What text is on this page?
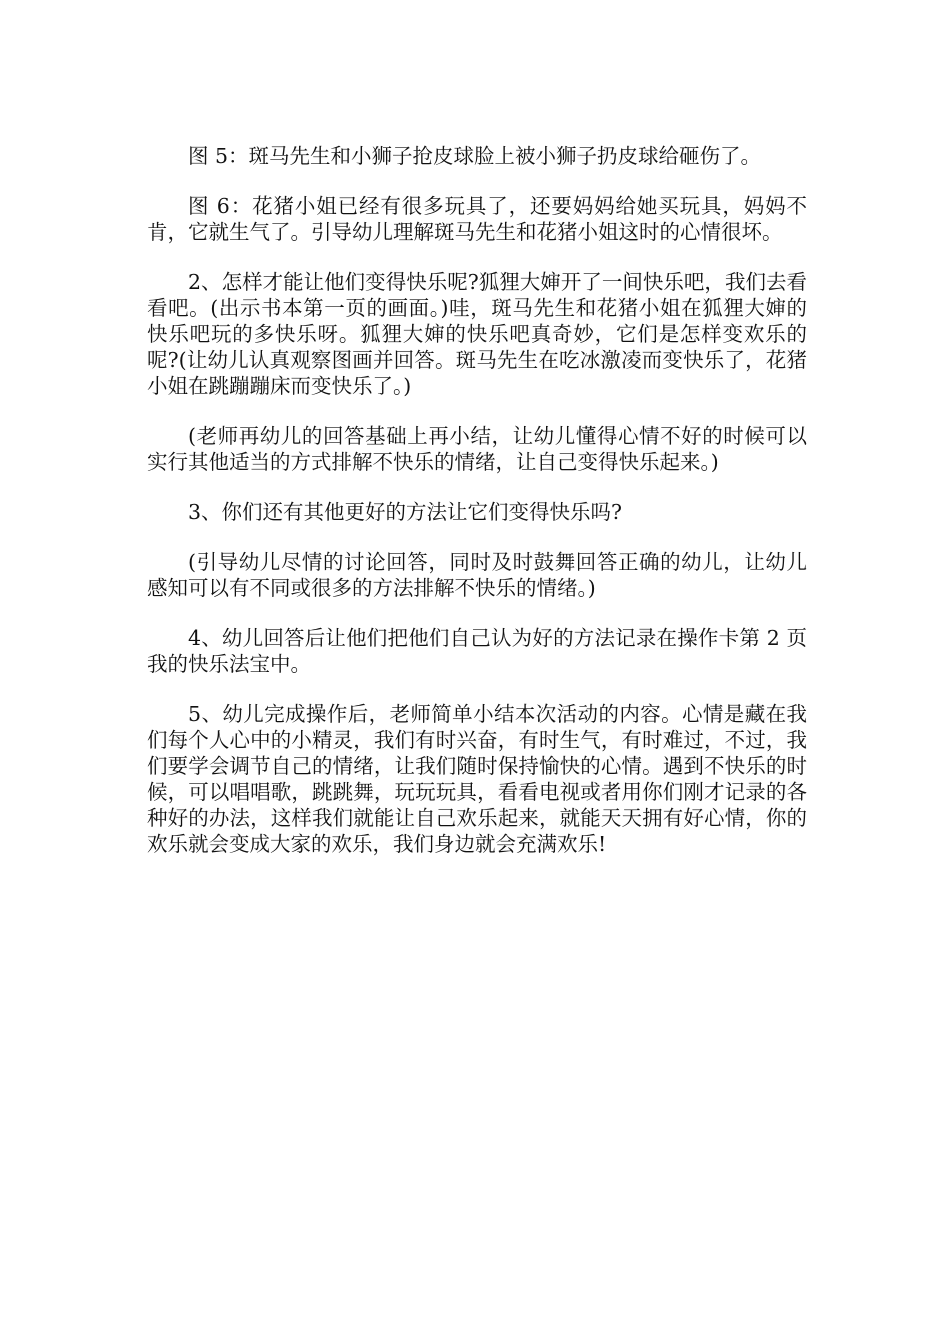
图 5：斑马先生和小狮子抢皮球脸上被小狮子扔皮球给砸伤了。

图 6：花猪小姐已经有很多玩具了，还要妈妈给她买玩具，妈妈不肯，它就生气了。引导幼儿理解斑马先生和花猪小姐这时的心情很坏。

2、怎样才能让他们变得快乐呢?狐狸大婶开了一间快乐吧，我们去看看吧。(出示书本第一页的画面。)哇，斑马先生和花猪小姐在狐狸大婶的快乐吧玩的多快乐呀。狐狸大婶的快乐吧真奇妙，它们是怎样变欢乐的呢?(让幼儿认真观察图画并回答。斑马先生在吃冰激凌而变快乐了，花猪小姐在跳蹦蹦床而变快乐了。)

(老师再幼儿的回答基础上再小结，让幼儿懂得心情不好的时候可以实行其他适当的方式排解不快乐的情绪，让自己变得快乐起来。)

3、你们还有其他更好的方法让它们变得快乐吗?

(引导幼儿尽情的讨论回答，同时及时鼓舞回答正确的幼儿，让幼儿感知可以有不同或很多的方法排解不快乐的情绪。)

4、幼儿回答后让他们把他们自己认为好的方法记录在操作卡第 2 页我的快乐法宝中。

5、幼儿完成操作后，老师简单小结本次活动的内容。心情是藏在我们每个人心中的小精灵，我们有时兴奋，有时生气，有时难过，不过，我们要学会调节自己的情绪，让我们随时保持愉快的心情。遇到不快乐的时候，可以唱唱歌，跳跳舞，玩玩玩具，看看电视或者用你们刚才记录的各种好的办法，这样我们就能让自己欢乐起来，就能天天拥有好心情，你的欢乐就会变成大家的欢乐，我们身边就会充满欢乐!
